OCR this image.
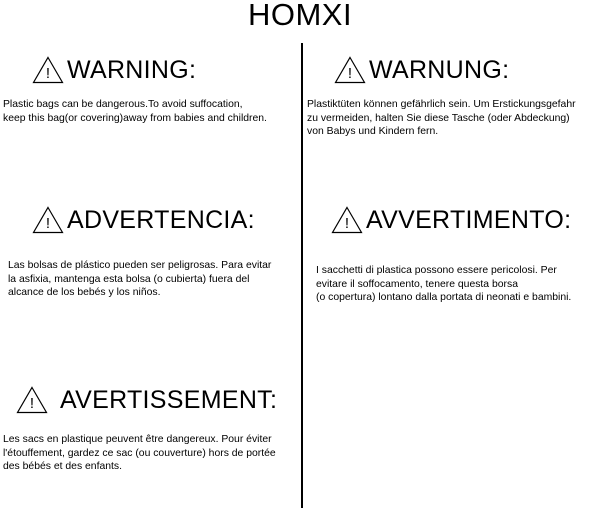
HOMXI
! WARNING:
Plastic bags can be dangerous.To avoid suffocation,
keep this bag(or covering)away from babies and children.
! WARNUNG:
Plastiktüten können gefährlich sein. Um Erstickungsgefahr
zu vermeiden, halten Sie diese Tasche (oder Abdeckung)
von Babys und Kindern fern.
! ADVERTENCIA:
Las bolsas de plástico pueden ser peligrosas. Para evitar
la asfixia, mantenga esta bolsa (o cubierta) fuera del
alcance de los bebés y los niños.
! AVVERTIMENTO:
I sacchetti di plastica possono essere pericolosi. Per
evitare il soffocamento, tenere questa borsa
(o copertura) lontano dalla portata di neonati e bambini.
! AVERTISSEMENT:
Les sacs en plastique peuvent être dangereux. Pour éviter
l'étouffement, gardez ce sac (ou couverture) hors de portée
des bébés et des enfants.
